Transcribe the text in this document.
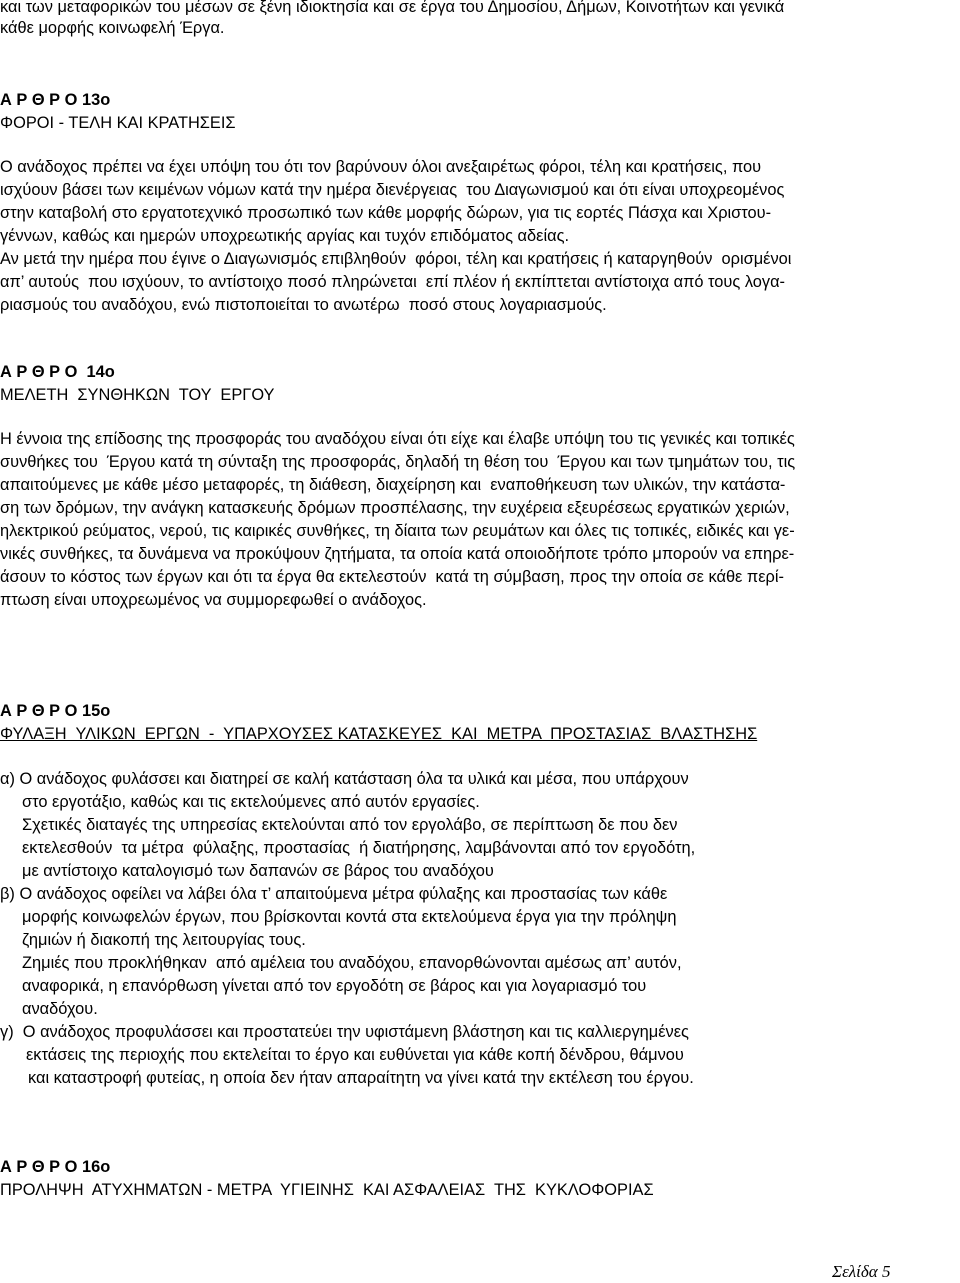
και των μεταφορικών του μέσων σε ξένη ιδιοκτησία και σε έργα του Δημοσίου, Δήμων, Κοινοτήτων και γενικά
κάθε μορφής κοινωφελή Έργα.
Α Ρ Θ Ρ Ο 13ο
ΦΟΡΟΙ - ΤΕΛΗ ΚΑΙ ΚΡΑΤΗΣΕΙΣ
Ο ανάδοχος πρέπει να έχει υπόψη του ότι τον βαρύνουν όλοι ανεξαιρέτως φόροι, τέλη και κρατήσεις, που
ισχύουν βάσει των κειμένων νόμων κατά την ημέρα διενέργειας  του Διαγωνισμού και ότι είναι υποχρεομένος
στην καταβολή στο εργατοτεχνικό προσωπικό των κάθε μορφής δώρων, για τις εορτές Πάσχα και Χριστου-
γέννων, καθώς και ημερών υποχρεωτικής αργίας και τυχόν επιδόματος αδείας.
Αν μετά την ημέρα που έγινε ο Διαγωνισμός επιβληθούν  φόροι, τέλη και κρατήσεις ή καταργηθούν  ορισμένοι
απ’ αυτούς  που ισχύουν, το αντίστοιχο ποσό πληρώνεται  επί πλέον ή εκπίπτεται αντίστοιχα από τους λογα-
ριασμούς του αναδόχου, ενώ πιστοποιείται το ανωτέρω  ποσό στους λογαριασμούς.
Α Ρ Θ Ρ Ο  14ο
ΜΕΛΕΤΗ  ΣΥΝΘΗΚΩΝ  ΤΟΥ  ΕΡΓΟΥ
Η έννοια της επίδοσης της προσφοράς του αναδόχου είναι ότι είχε και έλαβε υπόψη του τις γενικές και τοπικές
συνθήκες του  Έργου κατά τη σύνταξη της προσφοράς, δηλαδή τη θέση του  Έργου και των τμημάτων του, τις
απαιτούμενες με κάθε μέσο μεταφορές, τη διάθεση, διαχείρηση και  εναποθήκευση των υλικών, την κατάστα-
ση των δρόμων, την ανάγκη κατασκευής δρόμων προσπέλασης, την ευχέρεια εξευρέσεως εργατικών χεριών,
ηλεκτρικού ρεύματος, νερού, τις καιρικές συνθήκες, τη δίαιτα των ρευμάτων και όλες τις τοπικές, ειδικές και γε-
νικές συνθήκες, τα δυνάμενα να προκύψουν ζητήματα, τα οποία κατά οποιοδήποτε τρόπο μπορούν να επηρε-
άσουν το κόστος των έργων και ότι τα έργα θα εκτελεστούν  κατά τη σύμβαση, προς την οποία σε κάθε περί-
πτωση είναι υποχρεωμένος να συμμορεφωθεί ο ανάδοχος.
Α Ρ Θ Ρ Ο 15ο
ΦΥΛΑΞΗ  ΥΛΙΚΩΝ  ΕΡΓΩΝ  -  ΥΠΑΡΧΟΥΣΕΣ ΚΑΤΑΣΚΕΥΕΣ  ΚΑΙ  ΜΕΤΡΑ  ΠΡΟΣΤΑΣΙΑΣ  ΒΛΑΣΤΗΣΗΣ
α) Ο ανάδοχος φυλάσσει και διατηρεί σε καλή κατάσταση όλα τα υλικά και μέσα, που υπάρχουν
στο εργοτάξιο, καθώς και τις εκτελούμενες από αυτόν εργασίες.
Σχετικές διαταγές της υπηρεσίας εκτελούνται από τον εργολάβο, σε περίπτωση δε που δεν
εκτελεσθούν  τα μέτρα  φύλαξης, προστασίας  ή διατήρησης, λαμβάνονται από τον εργοδότη,
με αντίστοιχο καταλογισμό των δαπανών σε βάρος του αναδόχου
β) Ο ανάδοχος οφείλει να λάβει όλα τ’ απαιτούμενα μέτρα φύλαξης και προστασίας των κάθε
μορφής κοινωφελών έργων, που βρίσκονται κοντά στα εκτελούμενα έργα για την πρόληψη
ζημιών ή διακοπή της λειτουργίας τους.
Ζημιές που προκλήθηκαν  από αμέλεια του αναδόχου, επανορθώνονται αμέσως απ’ αυτόν,
αναφορικά, η επανόρθωση γίνεται από τον εργοδότη σε βάρος και για λογαριασμό του
αναδόχου.
γ)  Ο ανάδοχος προφυλάσσει και προστατεύει την υφιστάμενη βλάστηση και τις καλλιεργημένες
εκτάσεις της περιοχής που εκτελείται το έργο και ευθύνεται για κάθε κοπή δένδρου, θάμνου
και καταστροφή φυτείας, η οποία δεν ήταν απαραίτητη να γίνει κατά την εκτέλεση του έργου.
Α Ρ Θ Ρ Ο 16ο
ΠΡΟΛΗΨΗ  ΑΤΥΧΗΜΑΤΩΝ - ΜΕΤΡΑ  ΥΓΙΕΙΝΗΣ  ΚΑΙ ΑΣΦΑΛΕΙΑΣ  ΤΗΣ  ΚΥΚΛΟΦΟΡΙΑΣ
Σελίδα 5
